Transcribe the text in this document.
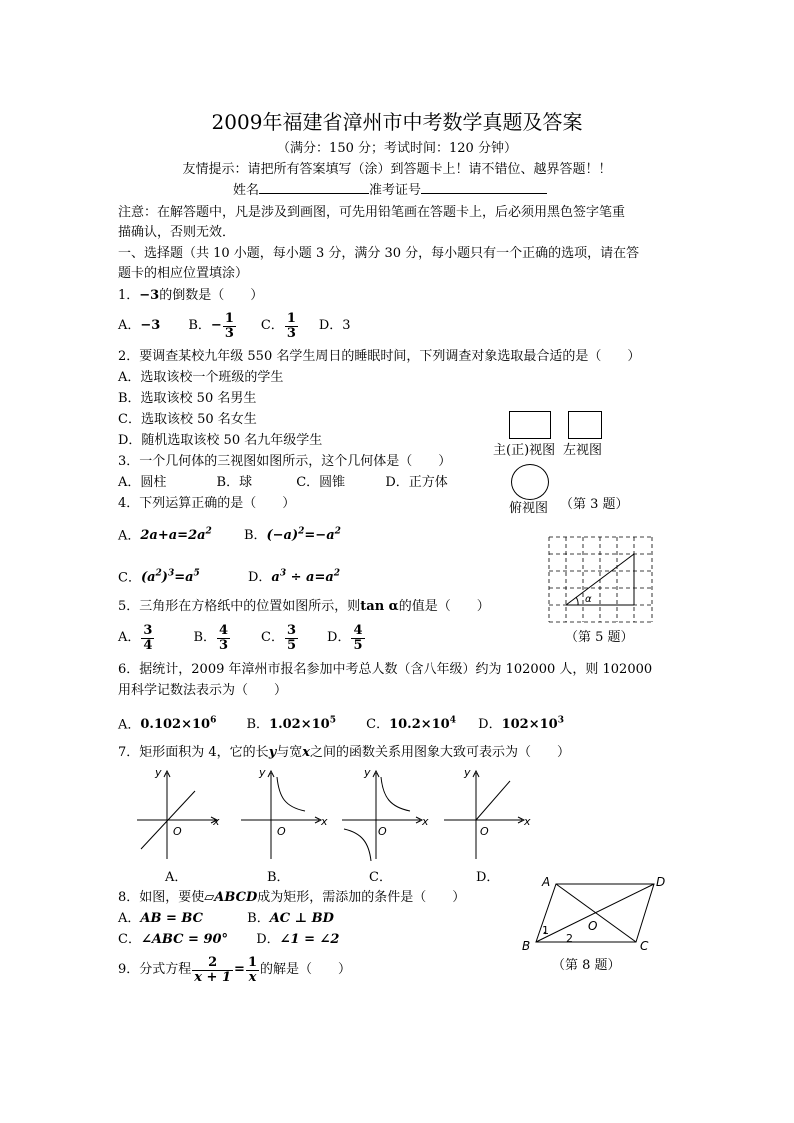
2009年福建省漳州市中考数学真题及答案
（满分：150 分；考试时间：120 分钟）
友情提示：请把所有答案填写（涂）到答题卡上！请不错位、越界答题！！
姓名	准考证号
注意：在解答题中，凡是涉及到画图，可先用铅笔画在答题卡上，后必须用黑色签字笔重
描确认，否则无效．
一、选择题（共 10 小题，每小题 3 分，满分 30 分，每小题只有一个正确的选项，请在答
题卡的相应位置填涂）
1．−3的倒数是（　　）
A． −3 B． − $\frac{1}{3}$ C． $\frac{1}{3}$ D．3
2．要调查某校九年级 550 名学生周日的睡眠时间，下列调查对象选取最合适的是（　　）
A．选取该校一个班级的学生
B．选取该校 50 名男生
C．选取该校 50 名女生
D．随机选取该校 50 名九年级学生
3．一个几何体的三视图如图所示，这个几何体是（　　）
A．圆柱	B．球	C．圆锥	D．正方体
主(正)视图 左视图
俯视图 （第 3 题）
4．下列运算正确的是（　　）
A．$2a+a=2a^2$ B．$(-a)^2=-a^2$
C．$(a^2)^3=a^5$	D．$a^3 \div a=a^2$
α
（第 5 题）
5．三角形在方格纸中的位置如图所示，则tan α的值是（　　）
A． $\frac{3}{4}$	B． $\frac{4}{3}$ C． $\frac{3}{5}$ D． $\frac{4}{5}$
6．据统计，2009 年漳州市报名参加中考总人数（含八年级）约为 102000 人，则 102000
用科学记数法表示为（　　）
A．$0.102\times 10^6$ B．$1.02\times 10^5$ C．$10.2\times 10^4$ D．$102\times 10^3$
7．矩形面积为 4，它的长y与宽x之间的函数关系用图象大致可表示为（　　）
y
x
O
y
x
O
y
x
O
y
x
O
A．	B．	C．	D．
8．如图，要使▱ABCD成为矩形，需添加的条件是（　　）
A．AB = BC	B．AC ⊥ BD
C．∠ABC = 90° D．∠1 = ∠2
A	D
B	C
O
1
2
（第 8 题）
9．分式方程 $\frac{2}{x + 1} = \frac{1}{x}$ 的解是（　　）
